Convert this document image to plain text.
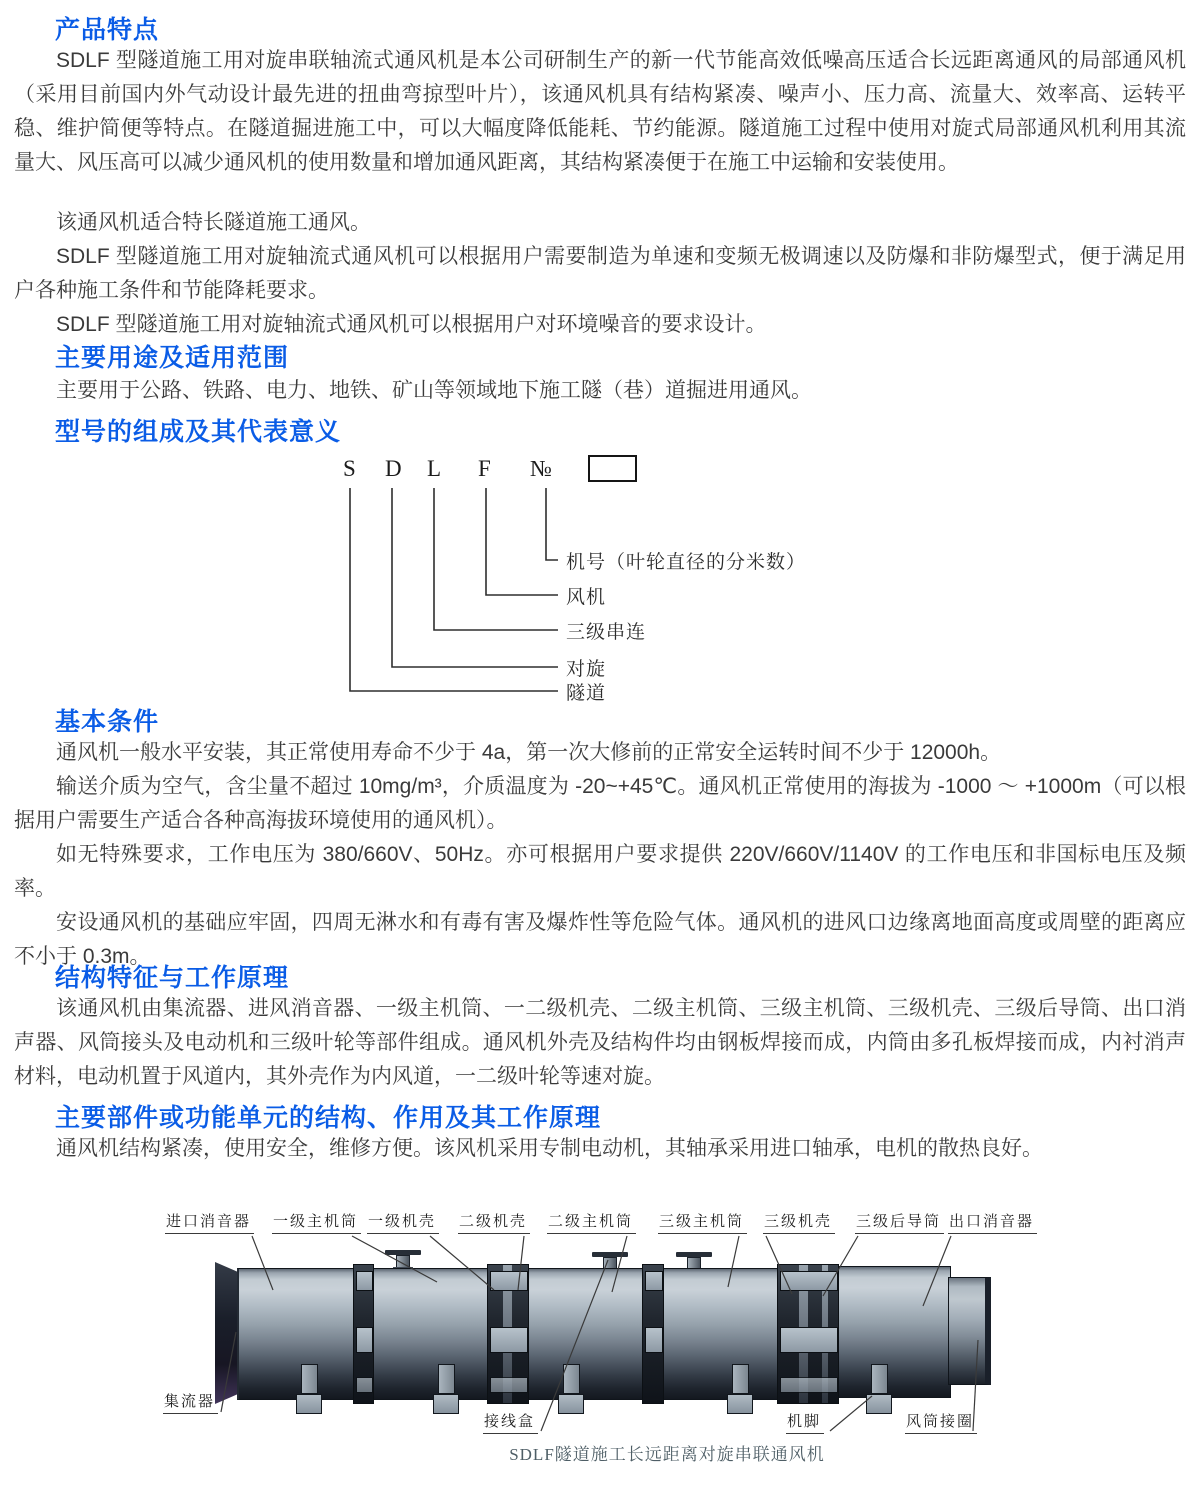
产品特点
SDLF 型隧道施工用对旋串联轴流式通风机是本公司研制生产的新一代节能高效低噪高压适合长远距离通风的局部通风机（采用目前国内外气动设计最先进的扭曲弯掠型叶片），该通风机具有结构紧凑、噪声小、压力高、流量大、效率高、运转平稳、维护简便等特点。在隧道掘进施工中，可以大幅度降低能耗、节约能源。隧道施工过程中使用对旋式局部通风机利用其流量大、风压高可以减少通风机的使用数量和增加通风距离，其结构紧凑便于在施工中运输和安装使用。
该通风机适合特长隧道施工通风。
SDLF 型隧道施工用对旋轴流式通风机可以根据用户需要制造为单速和变频无极调速以及防爆和非防爆型式，便于满足用户各种施工条件和节能降耗要求。
SDLF 型隧道施工用对旋轴流式通风机可以根据用户对环境噪音的要求设计。
主要用途及适用范围
主要用于公路、铁路、电力、地铁、矿山等领域地下施工隧（巷）道掘进用通风。
型号的组成及其代表意义
S D L F №
机号（叶轮直径的分米数）
风机
三级串连
对旋
隧道
基本条件
通风机一般水平安装，其正常使用寿命不少于 4a，第一次大修前的正常安全运转时间不少于 12000h。
输送介质为空气，含尘量不超过 10mg/m³，介质温度为 -20~+45℃。通风机正常使用的海拔为 -1000 ～ +1000m（可以根据用户需要生产适合各种高海拔环境使用的通风机）。
如无特殊要求，工作电压为 380/660V、50Hz。亦可根据用户要求提供 220V/660V/1140V 的工作电压和非国标电压及频率。
安设通风机的基础应牢固，四周无淋水和有毒有害及爆炸性等危险气体。通风机的进风口边缘离地面高度或周壁的距离应不小于 0.3m。
结构特征与工作原理
该通风机由集流器、进风消音器、一级主机筒、一二级机壳、二级主机筒、三级主机筒、三级机壳、三级后导筒、出口消声器、风筒接头及电动机和三级叶轮等部件组成。通风机外壳及结构件均由钢板焊接而成，内筒由多孔板焊接而成，内衬消声材料，电动机置于风道内，其外壳作为内风道，一二级叶轮等速对旋。
主要部件或功能单元的结构、作用及其工作原理
通风机结构紧凑，使用安全，维修方便。该风机采用专制电动机，其轴承采用进口轴承，电机的散热良好。
进口消音器 一级主机筒 一级机壳 二级机壳 二级主机筒 三级主机筒 三级机壳 三级后导筒 出口消音器
集流器
接线盒	机脚	风筒接圈
SDLF隧道施工长远距离对旋串联通风机
